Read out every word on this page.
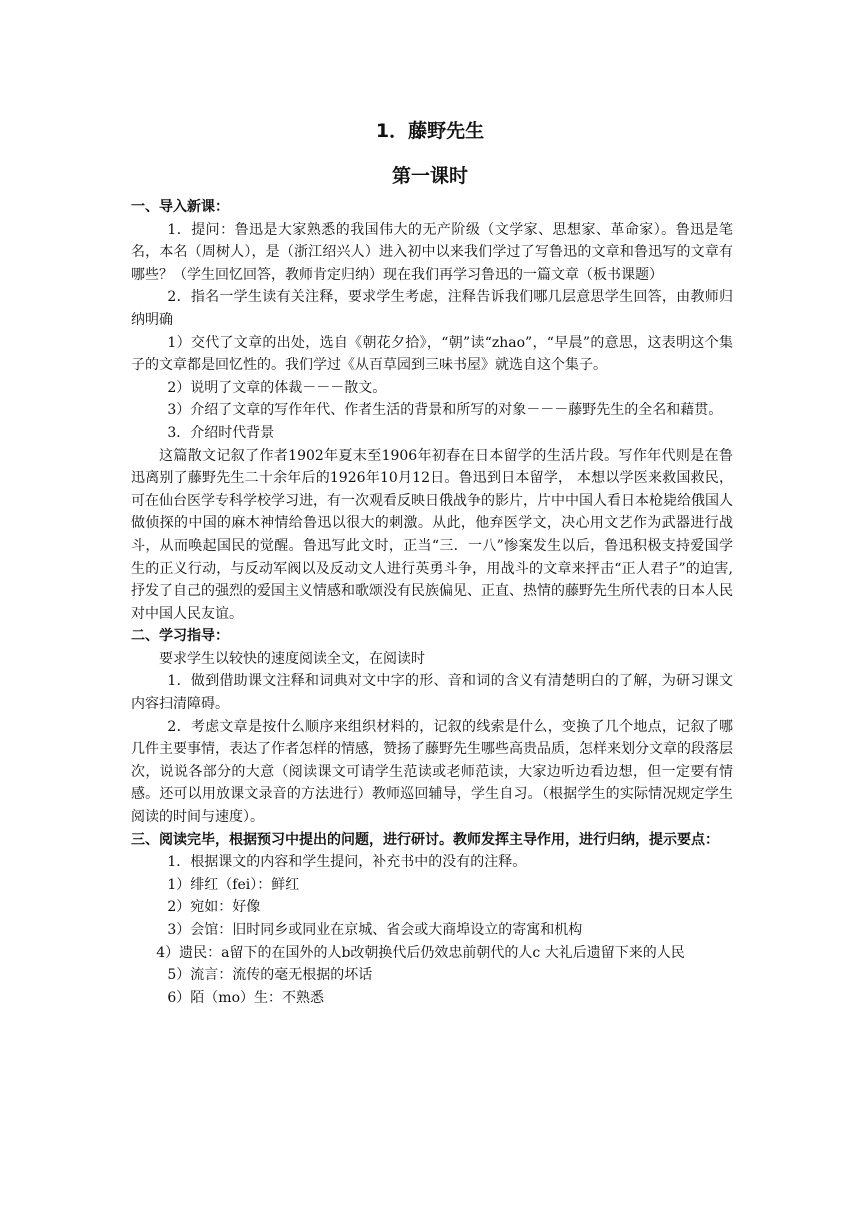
1．藤野先生
第一课时

一、导入新课：

1．提问：鲁迅是大家熟悉的我国伟大的无产阶级（文学家、思想家、革命家）。鲁迅是笔名，本名（周树人），是（浙江绍兴人）进入初中以来我们学过了写鲁迅的文章和鲁迅写的文章有哪些？（学生回忆回答，教师肯定归纳）现在我们再学习鲁迅的一篇文章（板书课题）

2．指名一学生读有关注释，要求学生考虑，注释告诉我们哪几层意思学生回答，由教师归纳明确

1）交代了文章的出处，选自《朝花夕拾》，“朝”读“zhao”，“早晨”的意思，这表明这个集子的文章都是回忆性的。我们学过《从百草园到三味书屋》就选自这个集子。

2）说明了文章的体裁－－－散文。

3）介绍了文章的写作年代、作者生活的背景和所写的对象－－－藤野先生的全名和藉贯。

3．介绍时代背景

这篇散文记叙了作者1902年夏末至1906年初春在日本留学的生活片段。写作年代则是在鲁迅离别了藤野先生二十余年后的1926年10月12日。鲁迅到日本留学， 本想以学医来救国救民，可在仙台医学专科学校学习进，有一次观看反映日俄战争的影片，片中中国人看日本枪毙给俄国人做侦探的中国的麻木神情给鲁迅以很大的刺激。从此，他弃医学文，决心用文艺作为武器进行战斗，从而唤起国民的觉醒。鲁迅写此文时，正当“三．一八”惨案发生以后，鲁迅积极支持爱国学生的正义行动，与反动军阀以及反动文人进行英勇斗争，用战斗的文章来抨击“正人君子”的迫害,抒发了自己的强烈的爱国主义情感和歌颂没有民族偏见、正直、热情的藤野先生所代表的日本人民对中国人民友谊。

二、学习指导：

要求学生以较快的速度阅读全文，在阅读时

1．做到借助课文注释和词典对文中字的形、音和词的含义有清楚明白的了解，为研习课文内容扫清障碍。

2．考虑文章是按什么顺序来组织材料的，记叙的线索是什么，变换了几个地点，记叙了哪几件主要事情，表达了作者怎样的情感，赞扬了藤野先生哪些高贵品质，怎样来划分文章的段落层次，说说各部分的大意（阅读课文可请学生范读或老师范读，大家边听边看边想，但一定要有情感。还可以用放课文录音的方法进行）教师巡回辅导，学生自习。（根据学生的实际情况规定学生阅读的时间与速度）。

三、阅读完毕，根据预习中提出的问题，进行研讨。教师发挥主导作用，进行归纳，提示要点：

1．根据课文的内容和学生提问，补充书中的没有的注释。

1）绯红（fei）：鲜红

2）宛如：好像

3）会馆：旧时同乡或同业在京城、省会或大商埠设立的寄寓和机构

4）遗民：a留下的在国外的人b改朝换代后仍效忠前朝代的人c 大礼后遗留下来的人民

5）流言：流传的毫无根据的坏话

6）陌（mo）生：不熟悉
